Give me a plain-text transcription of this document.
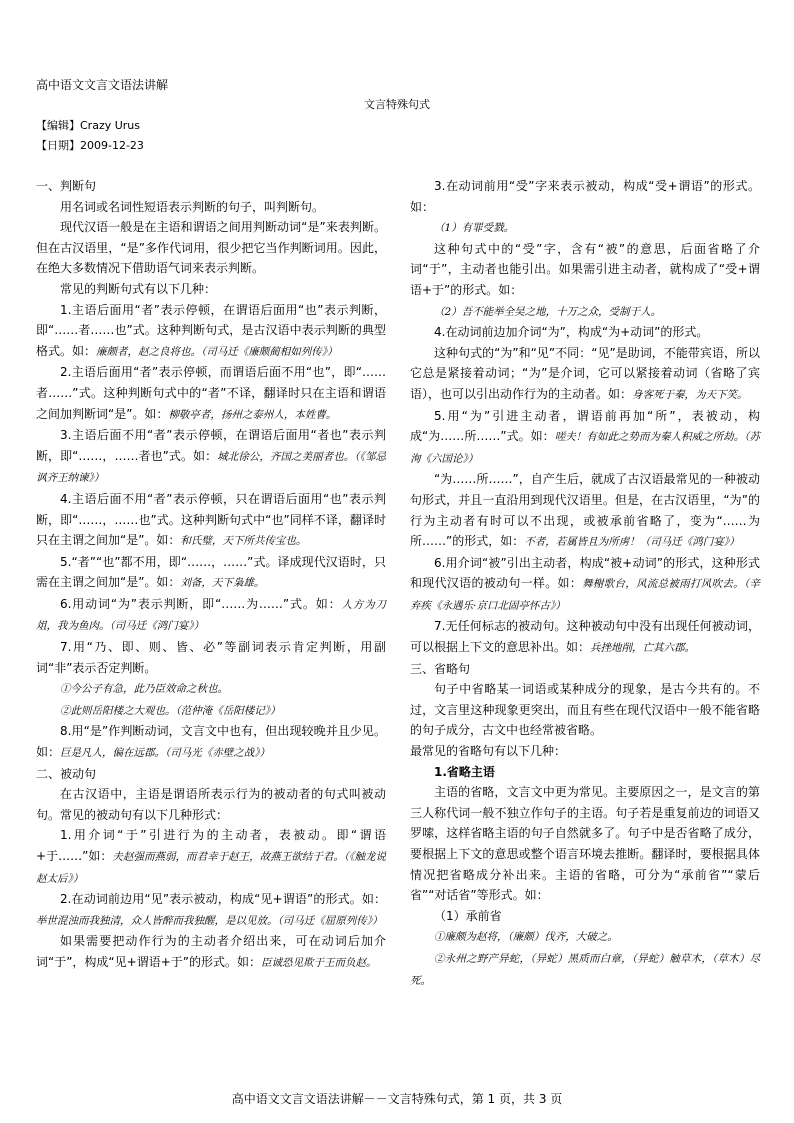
高中语文文言文语法讲解
文言特殊句式
【编辑】Crazy Urus
【日期】2009-12-23

一、判断句

用名词或名词性短语表示判断的句子，叫判断句。

现代汉语一般是在主语和谓语之间用判断动词“是”来表判断。但在古汉语里，“是”多作代词用，很少把它当作判断词用。因此，在绝大多数情况下借助语气词来表示判断。

常见的判断句式有以下几种：

1.主语后面用“者”表示停顿，在谓语后面用“也”表示判断，即“……者……也”式。这种判断句式，是古汉语中表示判断的典型格式。如：廉颇者，赵之良将也。（司马迁《廉颇蔺相如列传》）

2.主语后面用“者”表示停顿，而谓语后面不用“也”，即“……者……”式。这种判断句式中的“者”不译，翻译时只在主语和谓语之间加判断词“是”。如：柳敬亭者，扬州之泰州人，本姓曹。

3.主语后面不用“者”表示停顿，在谓语后面用“者也”表示判断，即“……，……者也”式。如：城北徐公，齐国之美丽者也。（《邹忌讽齐王纳谏》）

4.主语后面不用“者”表示停顿，只在谓语后面用“也”表示判断，即“……，……也”式。这种判断句式中“也”同样不译，翻译时只在主谓之间加“是”。如：和氏璧，天下所共传宝也。

5.“者”“也”都不用，即“……，……”式。译成现代汉语时，只需在主谓之间加“是”。如：刘备，天下枭雄。

6.用动词“为”表示判断，即“……为……”式。如：人方为刀俎，我为鱼肉。（司马迁《鸿门宴》）

7.用“乃、即、则、皆、必”等副词表示肯定判断，用副词“非”表示否定判断。

①今公子有急，此乃臣效命之秋也。

②此则岳阳楼之大观也。（范仲淹《岳阳楼记》）

8.用“是”作判断动词，文言文中也有，但出现较晚并且少见。如：巨是凡人，偏在远郡。（司马光《赤壁之战》）

二、被动句

在古汉语中，主语是谓语所表示行为的被动者的句式叫被动句。常见的被动句有以下几种形式：

1.用介词“于”引进行为的主动者，表被动。即“谓语+于……”如：夫赵强而燕弱，而君幸于赵王，故燕王欲结于君。（《触龙说赵太后》）

2.在动词前边用“见”表示被动，构成“见+谓语”的形式。如：举世混浊而我独清，众人皆醉而我独醒，是以见放。（司马迁《屈原列传》）

如果需要把动作行为的主动者介绍出来，可在动词后加介词“于”，构成“见+谓语+于”的形式。如：臣诚恐见欺于王而负赵。

3.在动词前用“受”字来表示被动，构成“受+谓语”的形式。如：

（1）有罪受戮。

这种句式中的“受”字，含有“被”的意思，后面省略了介词“于”，主动者也能引出。如果需引进主动者，就构成了“受+谓语+于”的形式。如：

（2）吾不能举全吴之地，十万之众，受制于人。

4.在动词前边加介词“为”，构成“为+动词”的形式。

这种句式的“为”和“见”不同：“见”是助词，不能带宾语，所以它总是紧接着动词；“为”是介词，它可以紧接着动词（省略了宾语），也可以引出动作行为的主动者。如：身客死于秦，为天下笑。

5.用“为”引进主动者，谓语前再加“所”，表被动，构成“为……所……”式。如：嗟夫！有如此之势而为秦人积威之所劫。（苏洵《六国论》）

“为……所……”，自产生后，就成了古汉语最常见的一种被动句形式，并且一直沿用到现代汉语里。但是，在古汉语里，“为”的行为主动者有时可以不出现，或被承前省略了，变为“……为所……”的形式，如：不者，若属皆且为所虏！（司马迁《鸿门宴》）

6.用介词“被”引出主动者，构成“被+动词”的形式，这种形式和现代汉语的被动句一样。如：舞榭歌台，风流总被雨打风吹去。（辛弃疾《永遇乐·京口北固亭怀古》）

7.无任何标志的被动句。这种被动句中没有出现任何被动词，可以根据上下文的意思补出。如：兵挫地削，亡其六郡。

三、省略句

句子中省略某一词语或某种成分的现象，是古今共有的。不过，文言里这种现象更突出，而且有些在现代汉语中一般不能省略的句子成分，古文中也经常被省略。

最常见的省略句有以下几种：

1.省略主语

主语的省略，文言文中更为常见。主要原因之一，是文言的第三人称代词一般不独立作句子的主语。句子若是重复前边的词语又罗嗦，这样省略主语的句子自然就多了。句子中是否省略了成分，要根据上下文的意思或整个语言环境去推断。翻译时，要根据具体情况把省略成分补出来。主语的省略，可分为“承前省”“蒙后省”“对话省”等形式。如：

（1）承前省

①廉颇为赵将，（廉颇）伐齐，大破之。

②永州之野产异蛇，（异蛇）黑质而白章，（异蛇）触草木，（草木）尽死。

高中语文文言文语法讲解－－文言特殊句式，第 1 页，共 3 页
